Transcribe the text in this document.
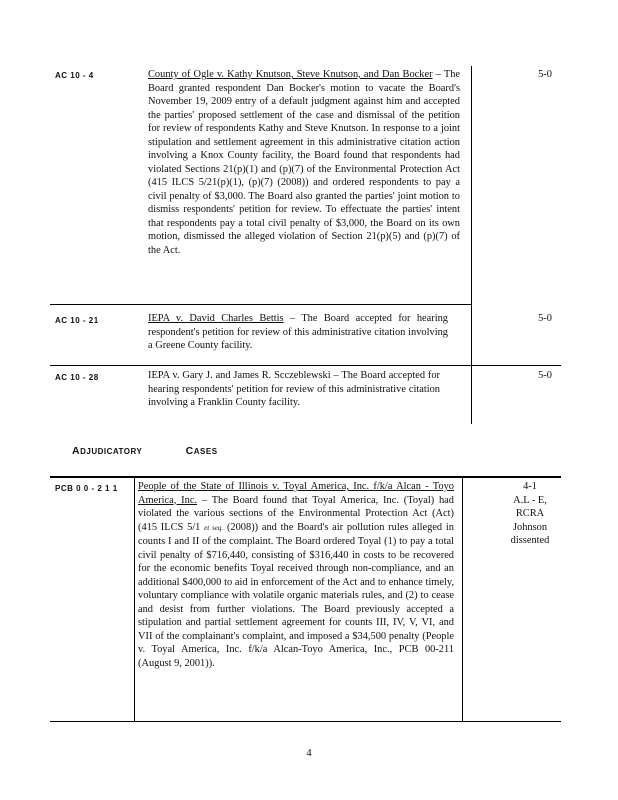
AC 10 - 4	County of Ogle v. Kathy Knutson, Steve Knutson, and Dan Bocker – The Board granted respondent Dan Bocker's motion to vacate the Board's November 19, 2009 entry of a default judgment against him and accepted the parties' proposed settlement of the case and dismissal of the petition for review of respondents Kathy and Steve Knutson. In response to a joint stipulation and settlement agreement in this administrative citation action involving a Knox County facility, the Board found that respondents had violated Sections 21(p)(1) and (p)(7) of the Environmental Protection Act (415 ILCS 5/21(p)(1), (p)(7) (2008)) and ordered respondents to pay a civil penalty of $3,000. The Board also granted the parties' joint motion to dismiss respondents' petition for review. To effectuate the parties' intent that respondents pay a total civil penalty of $3,000, the Board on its own motion, dismissed the alleged violation of Section 21(p)(5) and (p)(7) of the Act.
5-0
AC 10 - 21	IEPA v. David Charles Bettis – The Board accepted for hearing respondent's petition for review of this administrative citation involving a Greene County facility.
5-0
AC 10 - 28	IEPA v. Gary J. and James R. Scczeblewski – The Board accepted for hearing respondents' petition for review of this administrative citation involving a Franklin County facility.
5-0
ADJUDICATORY	CASES
PCB 0 0 - 2 1 1 People of the State of Illinois v. Toyal America, Inc. f/k/a Alcan - Toyo America, Inc. – The Board found that Toyal America, Inc. (Toyal) had violated the various sections of the Environmental Protection Act (Act) (415 ILCS 5/1 et seq. (2008)) and the Board's air pollution rules alleged in counts I and II of the complaint. The Board ordered Toyal (1) to pay a total civil penalty of $716,440, consisting of $316,440 in costs to be recovered for the economic benefits Toyal received through non-compliance, and an additional $400,000 to aid in enforcement of the Act and to enhance timely, voluntary compliance with volatile organic materials rules, and (2) to cease and desist from further violations. The Board previously accepted a stipulation and partial settlement agreement for counts III, IV, V, VI, and VII of the complainant's complaint, and imposed a $34,500 penalty (People v. Toyal America, Inc. f/k/a Alcan-Toyo America, Inc., PCB 00-211 (August 9, 2001)).
4-1
A.L - E,
RCRA
Johnson
dissented
4
